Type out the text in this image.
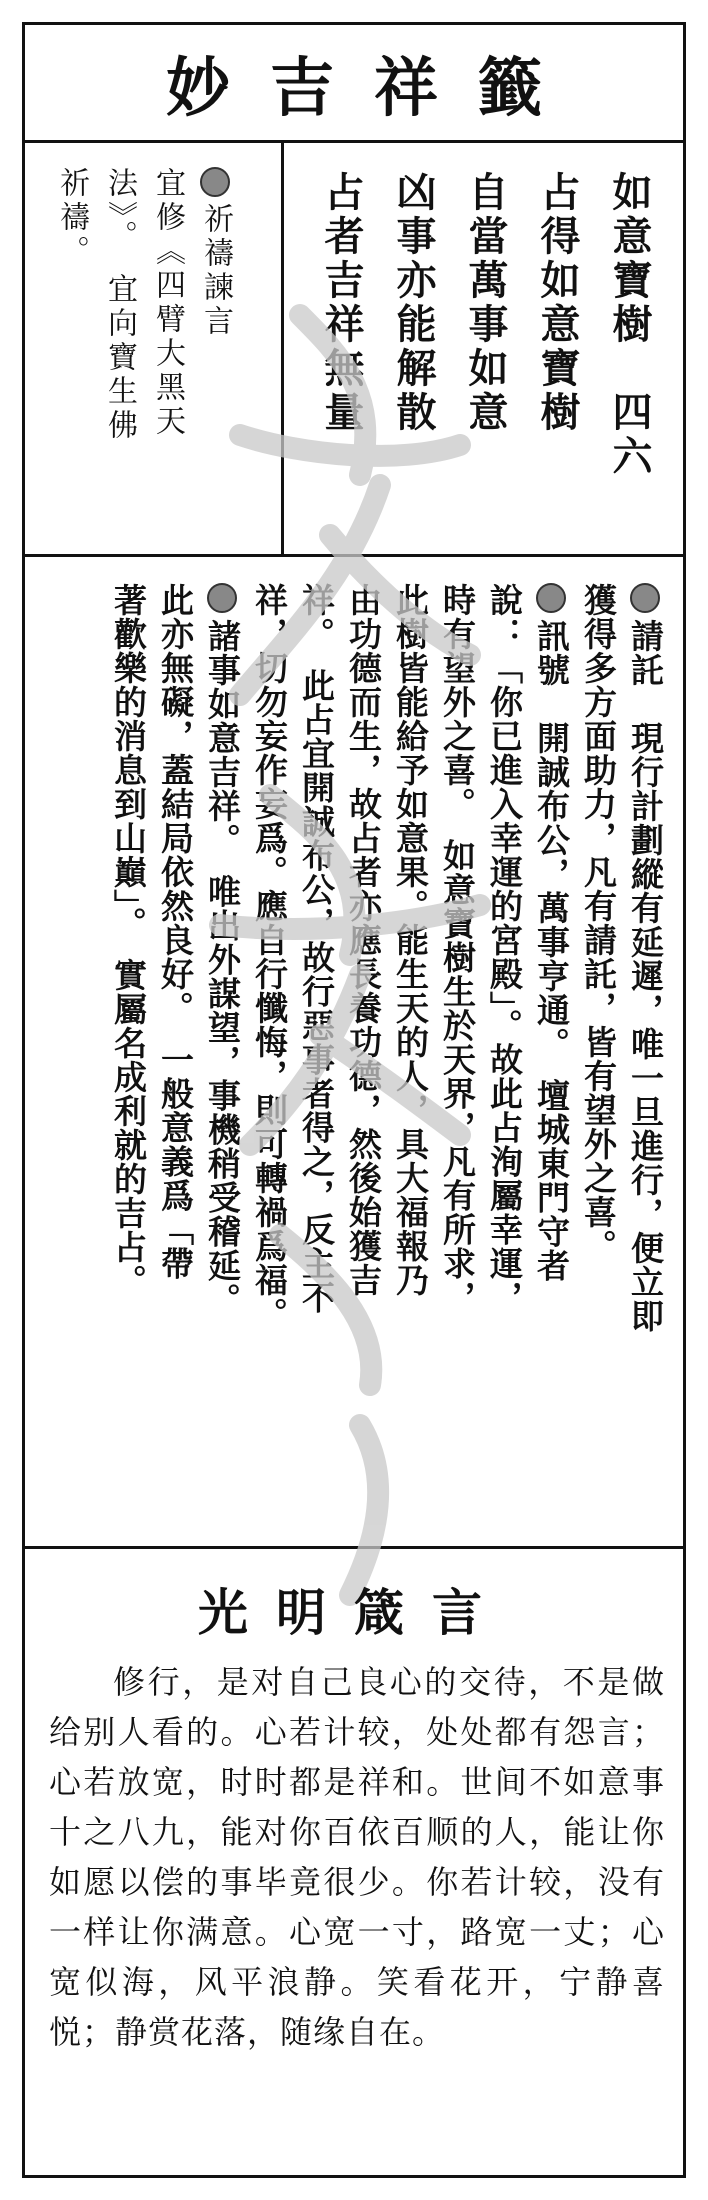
妙吉祥籤
如意寶樹　四六
占得如意寶樹
自當萬事如意
凶事亦能解散
占者吉祥無量
祈禱諫言
宜修《四臂大黑天
法》。　宜向寶生佛
祈禱。
請託　現行計劃縱有延遲，唯一旦進行，便立即
獲得多方面助力，凡有請託，皆有望外之喜。
訊號　開誠布公，萬事亨通。　壇城東門守者
說：「你已進入幸運的宮殿」。故此占洵屬幸運，
時有望外之喜。　如意寶樹生於天界，凡有所求，
此樹皆能給予如意果。能生天的人，具大福報乃
由功德而生，故占者亦應長養功德，然後始獲吉
祥。　此占宜開誠布公，故行惡事者得之，反主不
祥，切勿妄作妄爲。應自行懺悔，則可轉禍爲福。
諸事如意吉祥。　唯出外謀望，事機稍受稽延。
此亦無礙，蓋結局依然良好。　一般意義爲「帶
著歡樂的消息到山巔」。　實屬名成利就的吉占。
光明箴言
修行，是对自己良心的交待，不是做给别人看的。心若计较，处处都有怨言；心若放宽，时时都是祥和。世间不如意事十之八九，能对你百依百顺的人，能让你如愿以偿的事毕竟很少。你若计较，没有一样让你满意。心宽一寸，路宽一丈；心宽似海，风平浪静。笑看花开，宁静喜悦；静赏花落，随缘自在。
